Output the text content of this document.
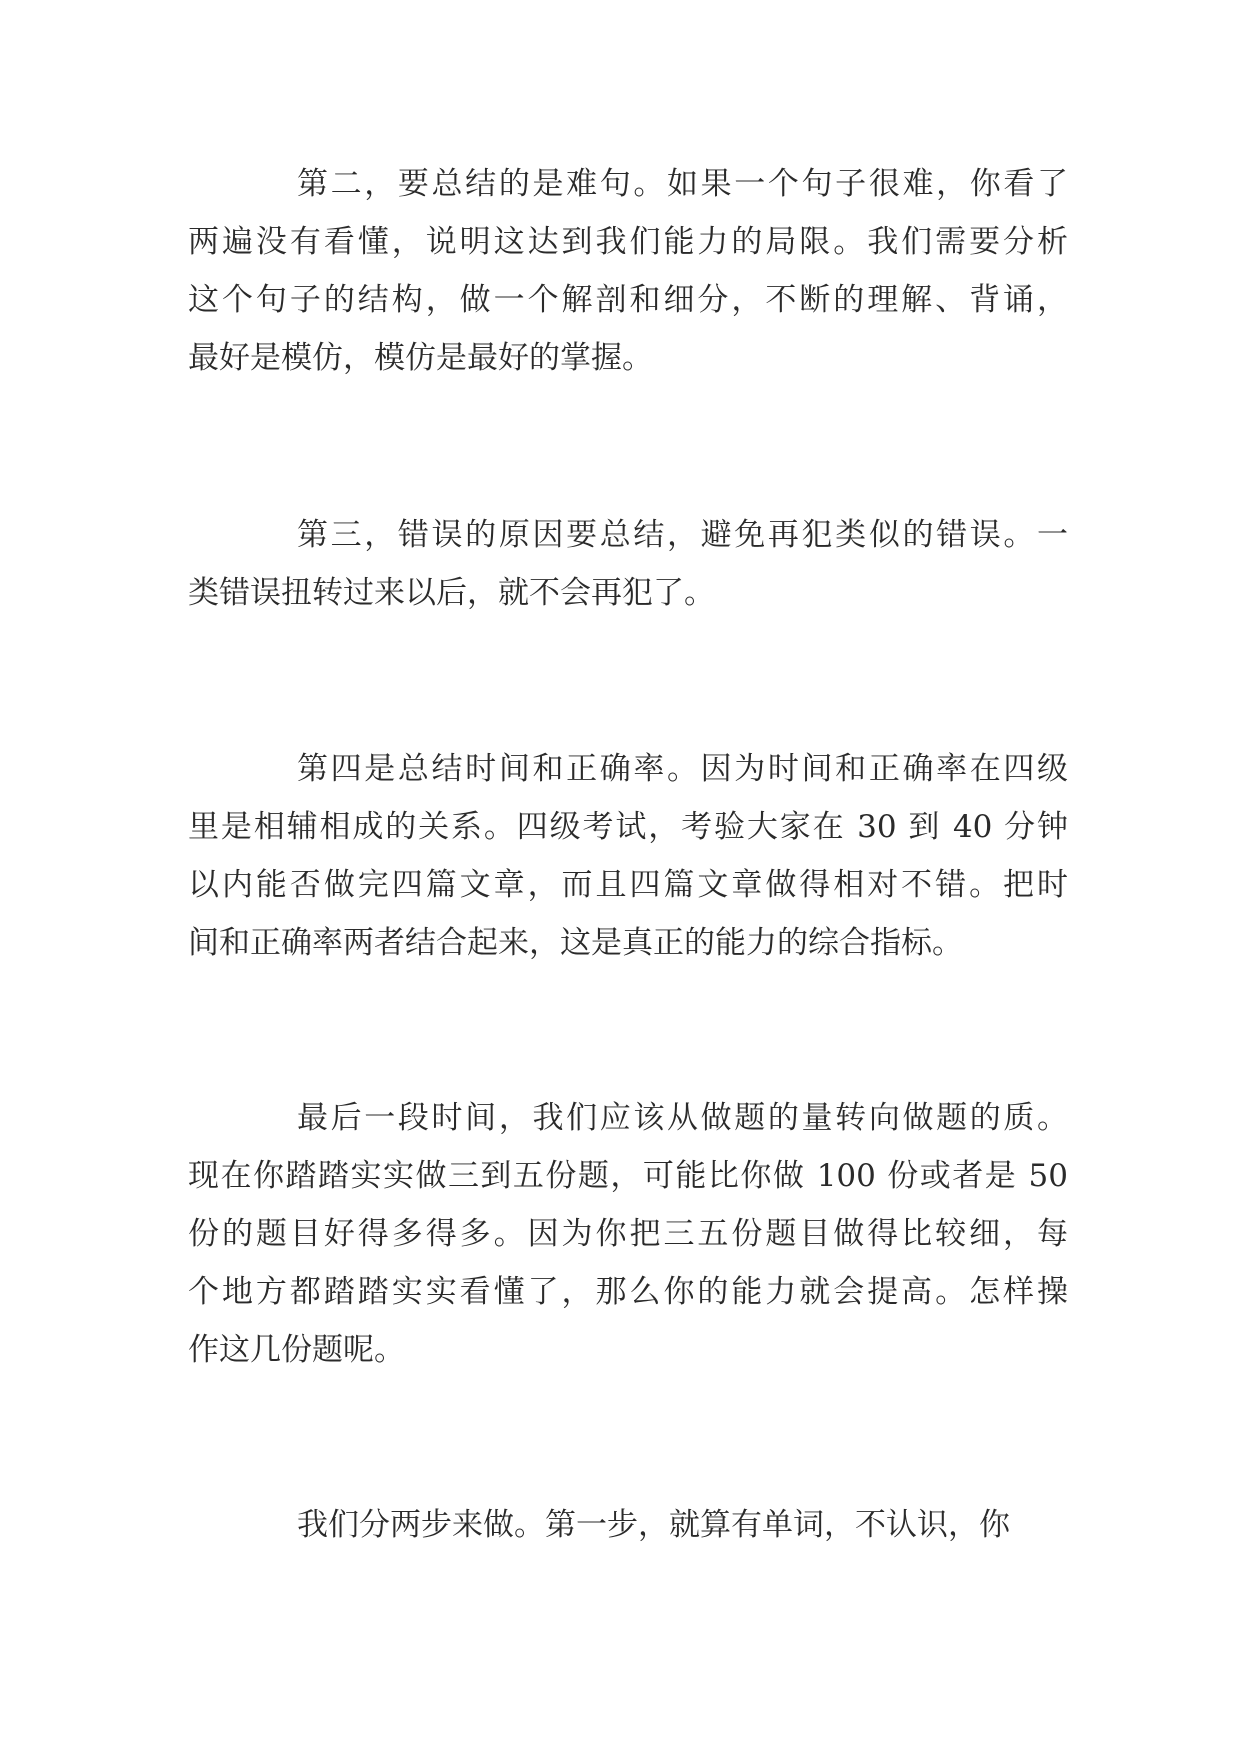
第二，要总结的是难句。如果一个句子很难，你看了
两遍没有看懂，说明这达到我们能力的局限。我们需要分析
这个句子的结构，做一个解剖和细分，不断的理解、背诵，
最好是模仿，模仿是最好的掌握。
第三，错误的原因要总结，避免再犯类似的错误。一
类错误扭转过来以后，就不会再犯了。
第四是总结时间和正确率。因为时间和正确率在四级
里是相辅相成的关系。四级考试，考验大家在 30 到 40 分钟
以内能否做完四篇文章，而且四篇文章做得相对不错。把时
间和正确率两者结合起来，这是真正的能力的综合指标。
最后一段时间，我们应该从做题的量转向做题的质。
现在你踏踏实实做三到五份题，可能比你做 100 份或者是 50
份的题目好得多得多。因为你把三五份题目做得比较细，每
个地方都踏踏实实看懂了，那么你的能力就会提高。怎样操
作这几份题呢。
我们分两步来做。第一步，就算有单词，不认识，你
